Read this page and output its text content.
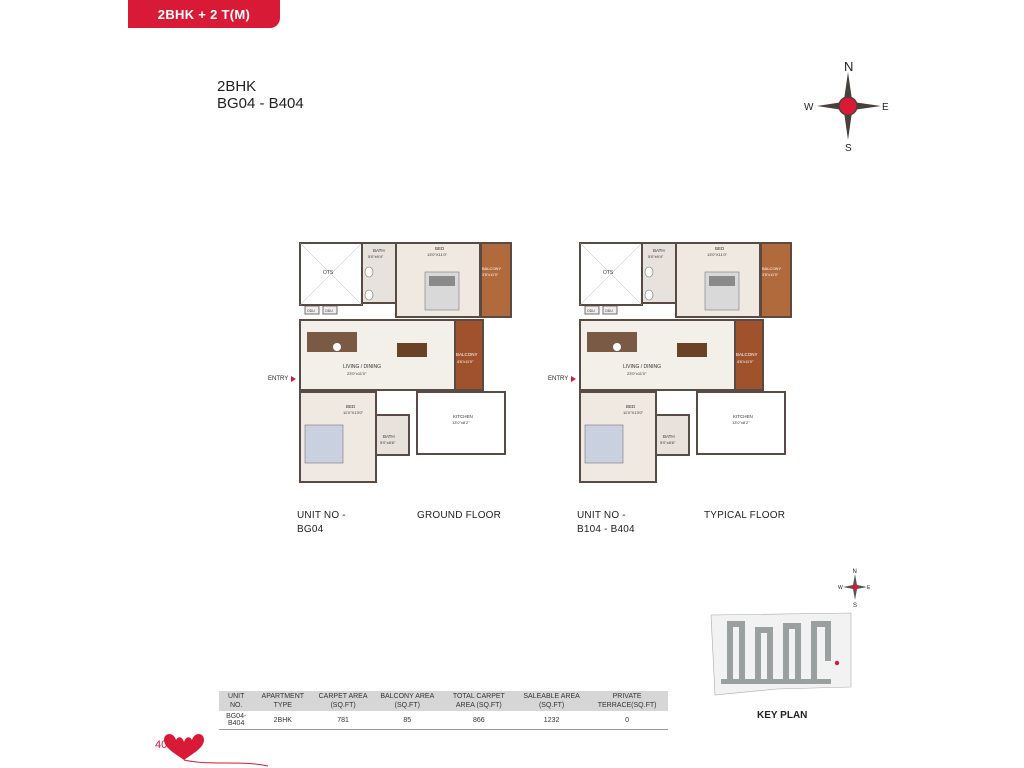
2BHK + 2 T(M)
2BHK
BG04 - B404
N
S
E
W
OTS
ODU	ODU
BATH
5'0"x9'4"
BED
13'0"X11'0"
BALCONY
3'6"x11'0"
LIVING / DINING
23'0"x11'0"
BALCONY
4'6"x11'0"
BED
11'0"X13'0"
BATH
5'0"x8'6"
KITCHEN
13'0"x8'2"
OTS
ODU	ODU
BATH
5'0"x9'4"
BED
13'0"X11'0"
BALCONY
3'6"x11'0"
LIVING / DINING
23'0"x11'0"
BALCONY
4'6"x11'0"
BED
11'0"X13'0"
BATH
5'0"x8'6"
KITCHEN
13'0"x8'2"
ENTRY	ENTRY
UNIT NO -
BG04
GROUND FLOOR	UNIT NO -
B104 - B404
TYPICAL FLOOR
N
S
E
W
KEY PLAN
UNIT NO.	APARTMENT TYPE	CARPET AREA (SQ.FT)	BALCONY AREA (SQ.FT)	TOTAL CARPET AREA (SQ.FT)	SALEABLE AREA (SQ.FT)	PRIVATE TERRACE(SQ.FT)
BG04-B404	2BHK	781	85	866	1232	0
40
